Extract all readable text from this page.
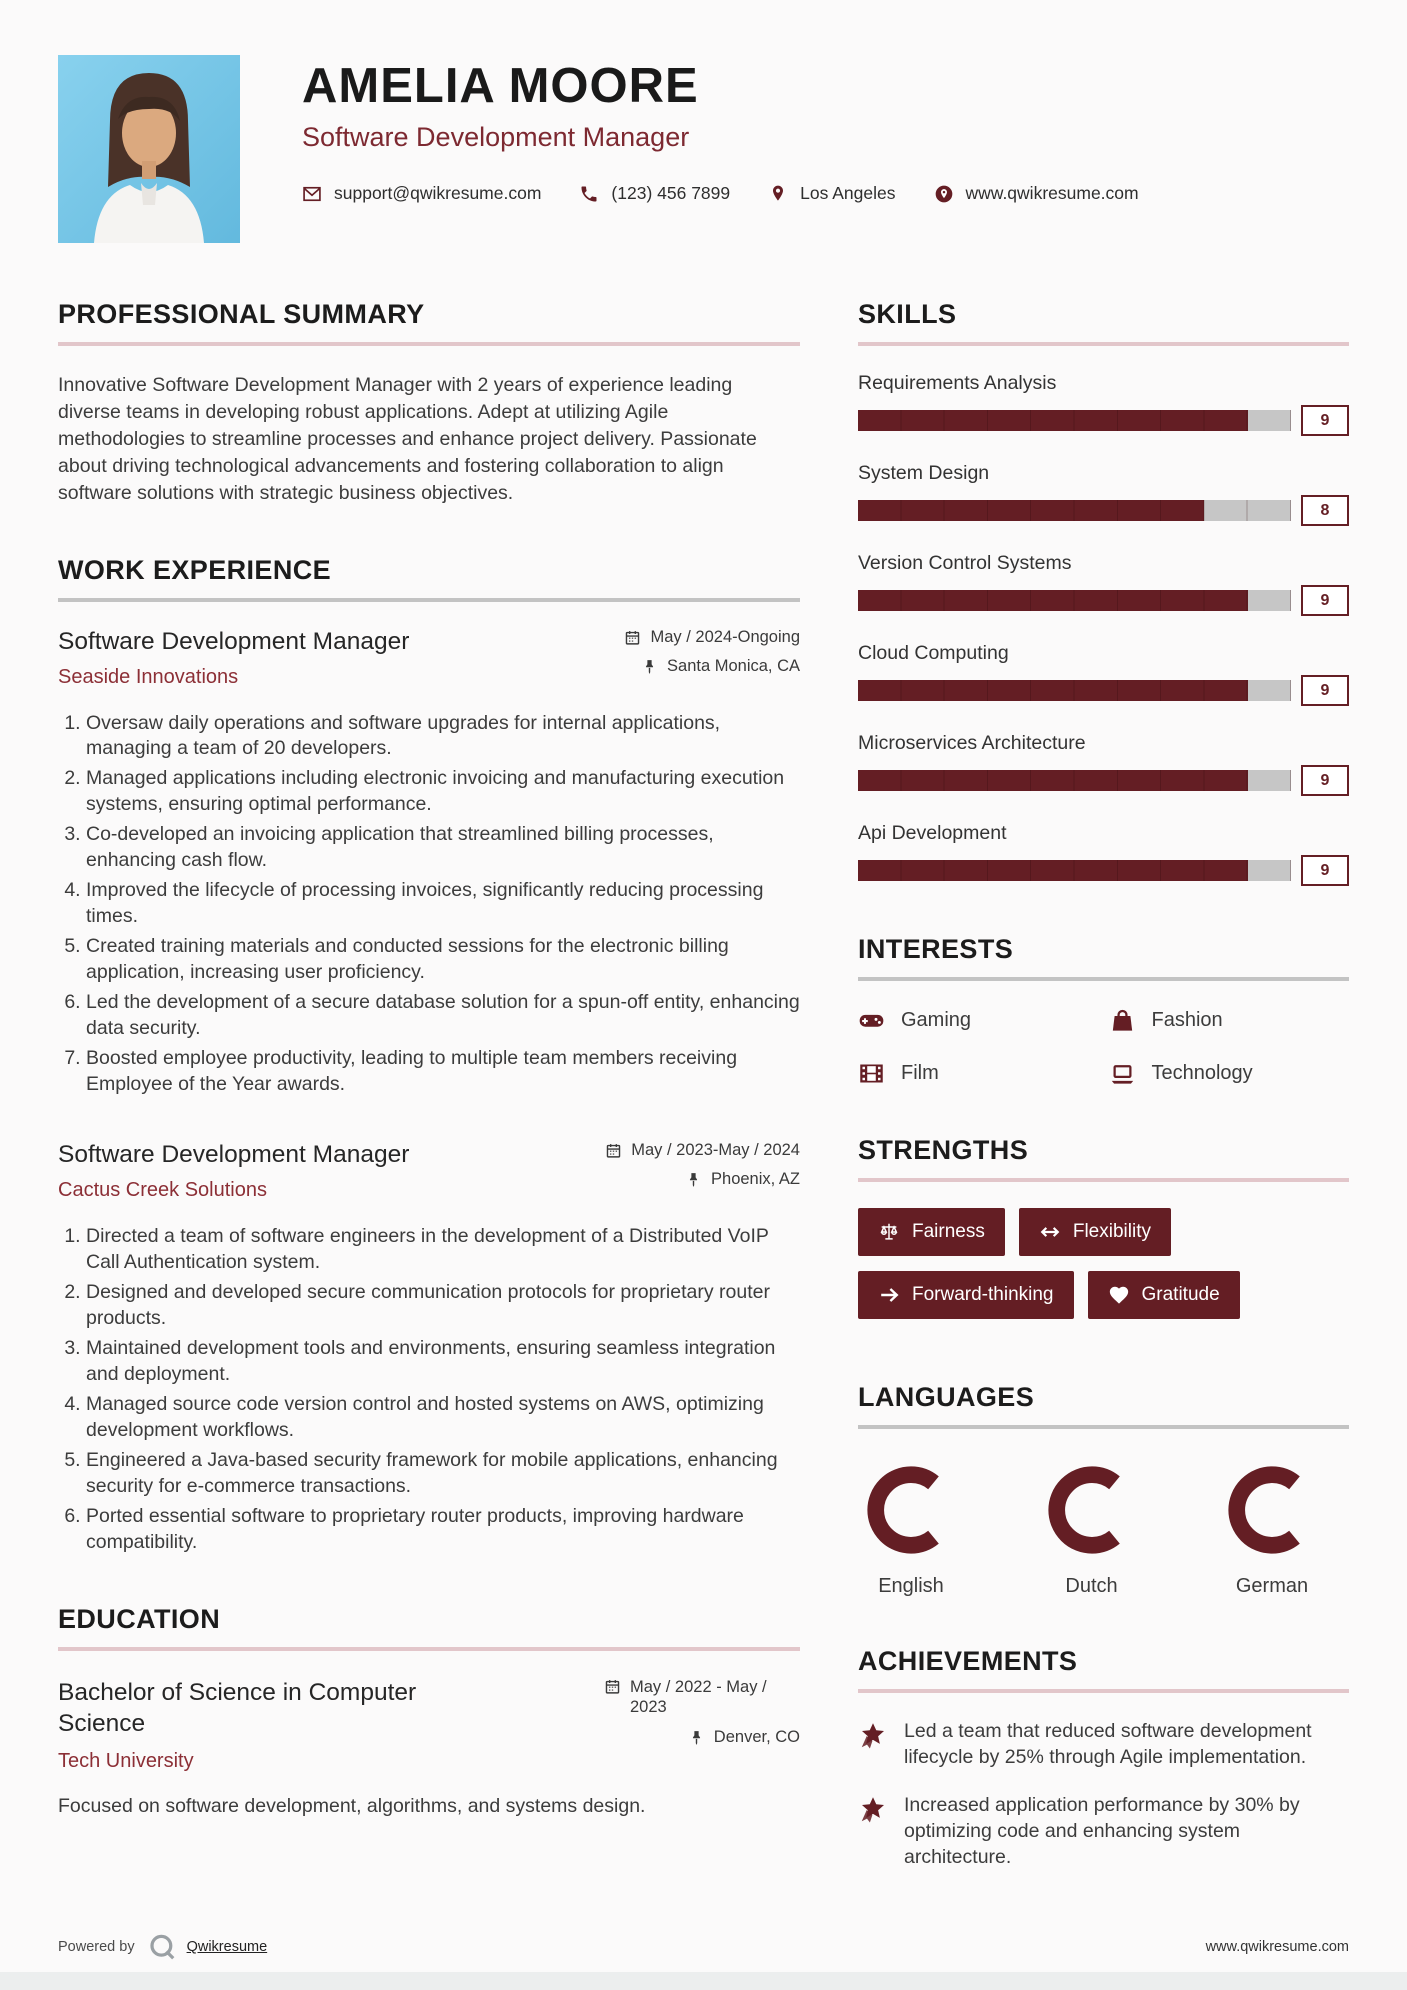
AMELIA MOORE
Software Development Manager
support@qwikresume.com	(123) 456 7899	Los Angeles	www.qwikresume.com
PROFESSIONAL SUMMARY
Innovative Software Development Manager with 2 years of experience leading diverse teams in developing robust applications. Adept at utilizing Agile methodologies to streamline processes and enhance project delivery. Passionate about driving technological advancements and fostering collaboration to align software solutions with strategic business objectives.
WORK EXPERIENCE
Software Development Manager
Seaside Innovations
May / 2024-Ongoing
Santa Monica, CA
1. Oversaw daily operations and software upgrades for internal applications, managing a team of 20 developers.
2. Managed applications including electronic invoicing and manufacturing execution systems, ensuring optimal performance.
3. Co-developed an invoicing application that streamlined billing processes, enhancing cash flow.
4. Improved the lifecycle of processing invoices, significantly reducing processing times.
5. Created training materials and conducted sessions for the electronic billing application, increasing user proficiency.
6. Led the development of a secure database solution for a spun-off entity, enhancing data security.
7. Boosted employee productivity, leading to multiple team members receiving Employee of the Year awards.
Software Development Manager
Cactus Creek Solutions
May / 2023-May / 2024
Phoenix, AZ
1. Directed a team of software engineers in the development of a Distributed VoIP Call Authentication system.
2. Designed and developed secure communication protocols for proprietary router products.
3. Maintained development tools and environments, ensuring seamless integration and deployment.
4. Managed source code version control and hosted systems on AWS, optimizing development workflows.
5. Engineered a Java-based security framework for mobile applications, enhancing security for e-commerce transactions.
6. Ported essential software to proprietary router products, improving hardware compatibility.
EDUCATION
Bachelor of Science in Computer Science
Tech University
May / 2022 - May / 2023
Denver, CO
Focused on software development, algorithms, and systems design.
SKILLS
Requirements Analysis
9
System Design
8
Version Control Systems
9
Cloud Computing
9
Microservices Architecture
9
Api Development
9
INTERESTS
Gaming	Fashion
Film	Technology
STRENGTHS
Fairness	Flexibility
Forward-thinking	Gratitude
LANGUAGES
English	Dutch	German
ACHIEVEMENTS
Led a team that reduced software development lifecycle by 25% through Agile implementation.
Increased application performance by 30% by optimizing code and enhancing system architecture.
Powered by	Qwikresume	www.qwikresume.com
